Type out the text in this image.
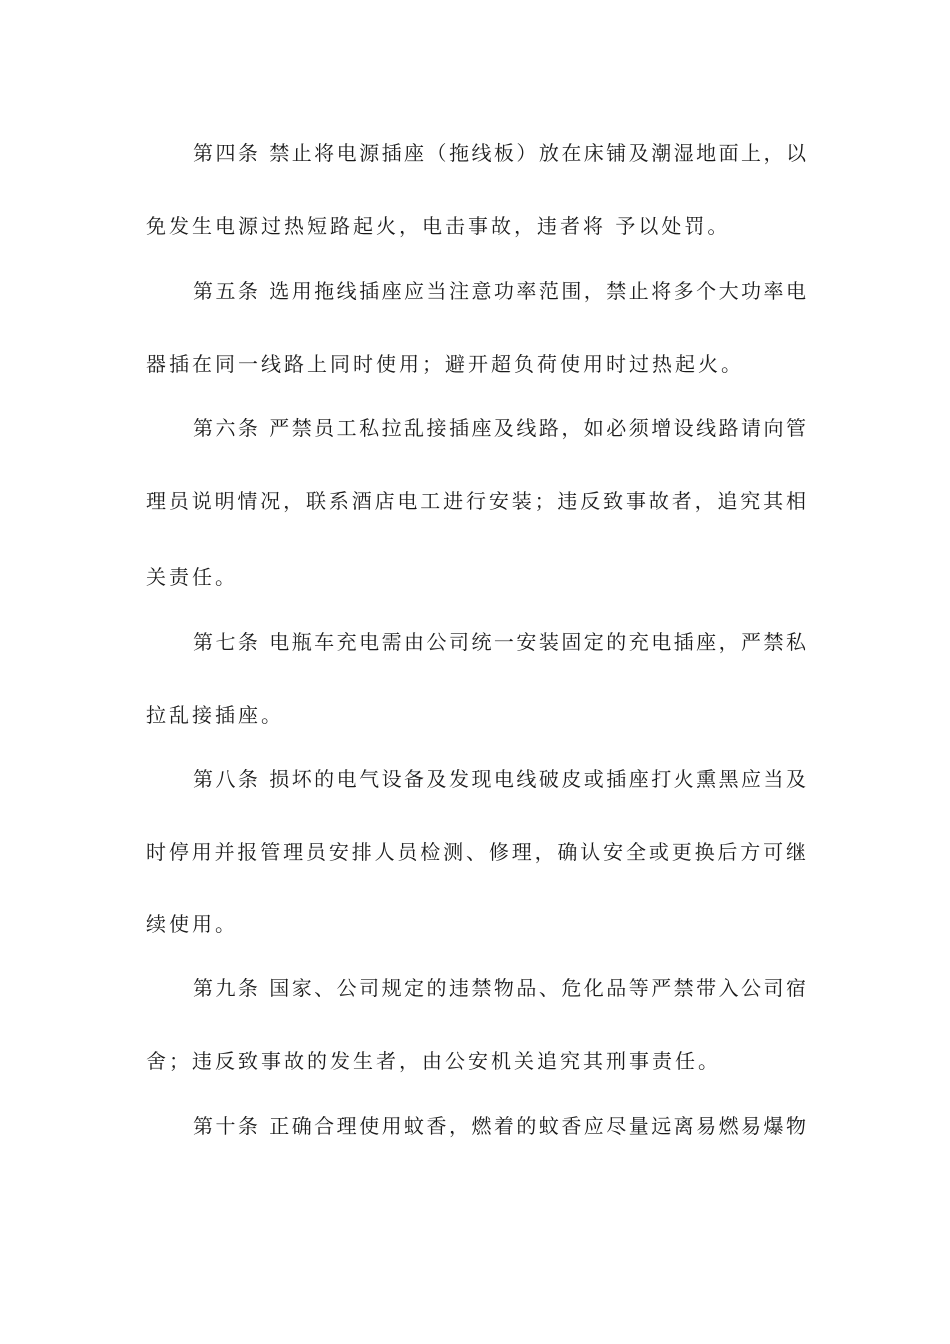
第四条 禁止将电源插座（拖线板）放在床铺及潮湿地面上，以

免发生电源过热短路起火，电击事故，违者将 予以处罚。

第五条 选用拖线插座应当注意功率范围，禁止将多个大功率电

器插在同一线路上同时使用；避开超负荷使用时过热起火。

第六条 严禁员工私拉乱接插座及线路，如必须增设线路请向管

理员说明情况，联系酒店电工进行安装；违反致事故者，追究其相

关责任。

第七条 电瓶车充电需由公司统一安装固定的充电插座，严禁私

拉乱接插座。

第八条 损坏的电气设备及发现电线破皮或插座打火熏黑应当及

时停用并报管理员安排人员检测、修理，确认安全或更换后方可继

续使用。

第九条 国家、公司规定的违禁物品、危化品等严禁带入公司宿

舍；违反致事故的发生者，由公安机关追究其刑事责任。

第十条 正确合理使用蚊香，燃着的蚊香应尽量远离易燃易爆物
